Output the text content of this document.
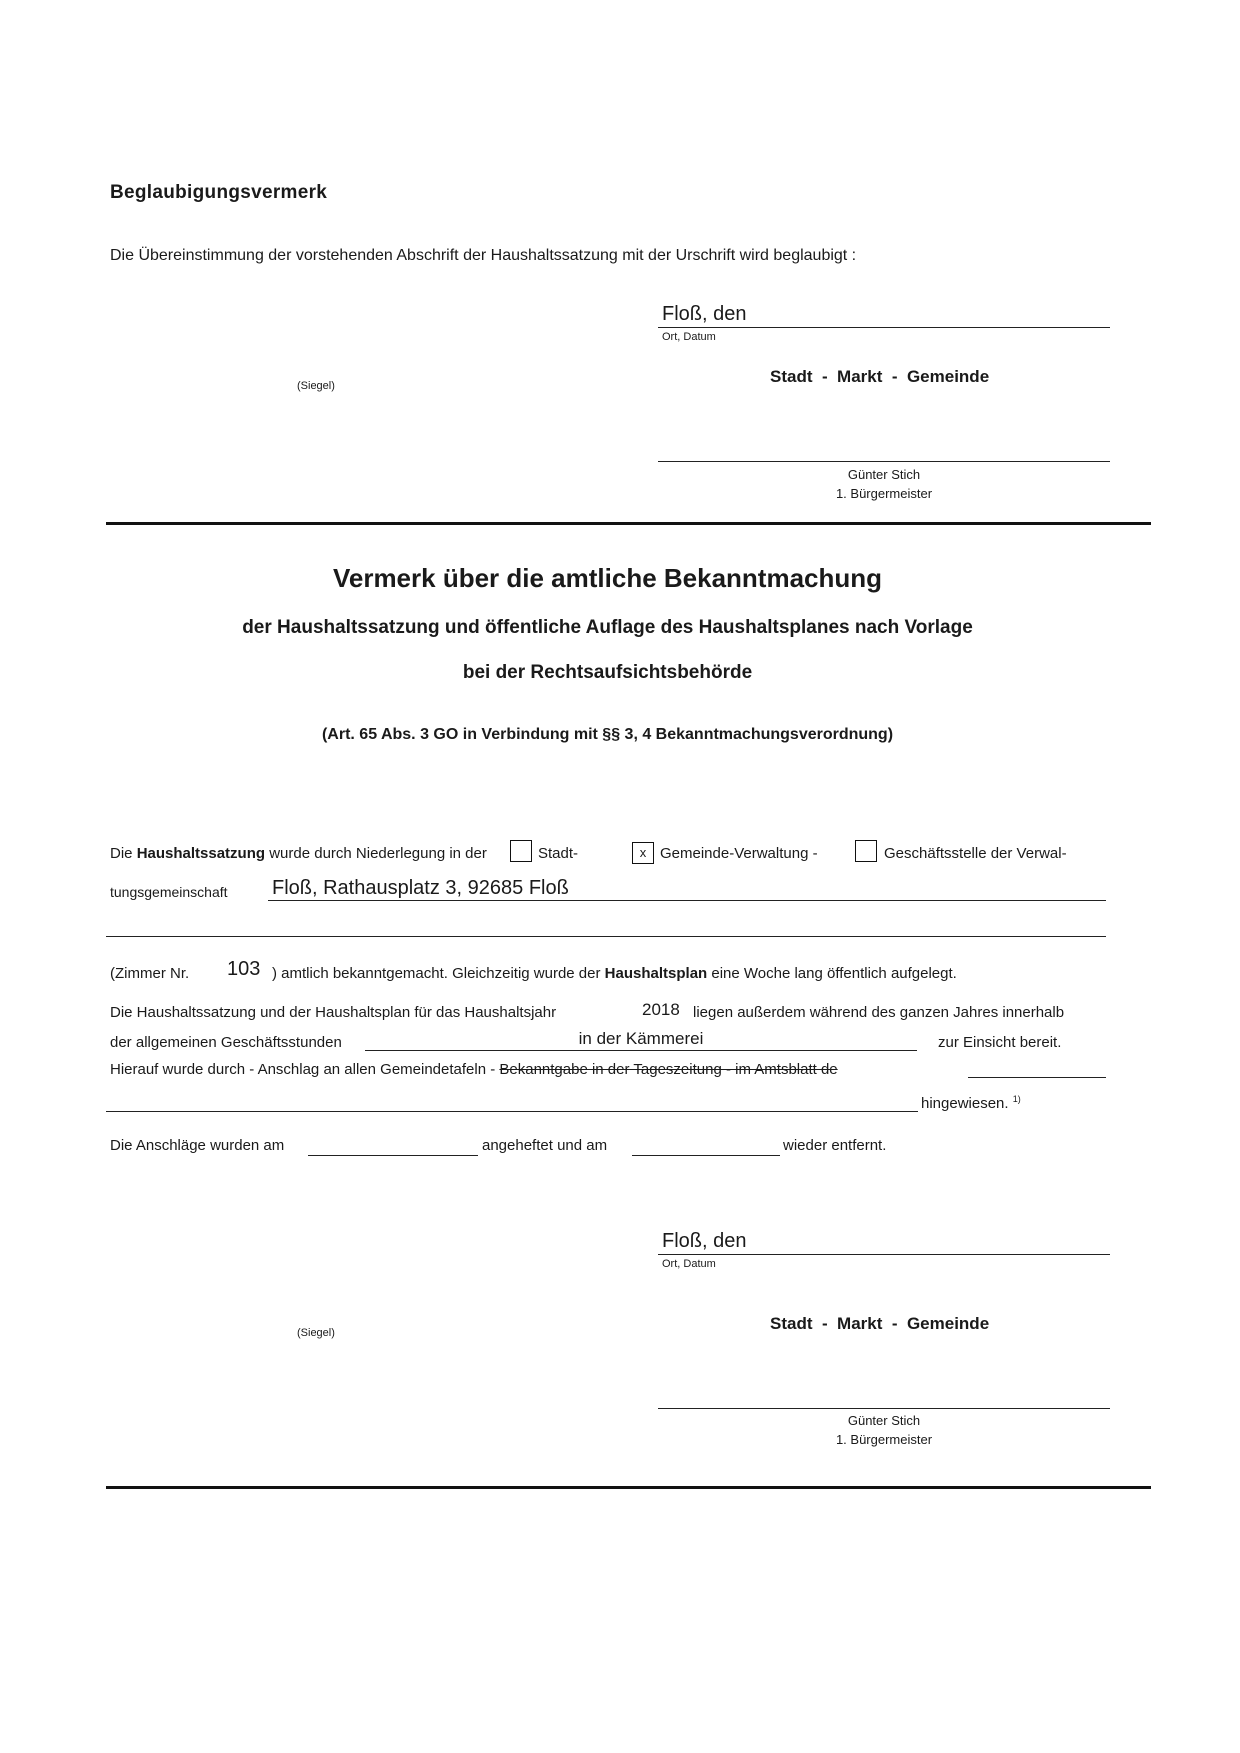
Beglaubigungsvermerk
Die Übereinstimmung der vorstehenden Abschrift der Haushaltssatzung mit der Urschrift wird beglaubigt :
Floß, den
Ort, Datum
(Siegel)	Stadt  -  Markt  -  Gemeinde
Günter Stich
1. Bürgermeister
Vermerk über die amtliche Bekanntmachung
der Haushaltssatzung und öffentliche Auflage des Haushaltsplanes nach Vorlage
bei der Rechtsaufsichtsbehörde
(Art. 65 Abs. 3 GO in Verbindung mit §§ 3, 4 Bekanntmachungsverordnung)
Die Haushaltssatzung wurde durch Niederlegung in der	Stadt-	x Gemeinde-Verwaltung -	Geschäftsstelle der Verwal-
tungsgemeinschaft Floß, Rathausplatz 3, 92685 Floß
(Zimmer Nr. 103 ) amtlich bekanntgemacht. Gleichzeitig wurde der Haushaltsplan eine Woche lang öffentlich aufgelegt.
Die Haushaltssatzung und der Haushaltsplan für das Haushaltsjahr	2018 liegen außerdem während des ganzen Jahres innerhalb
der allgemeinen Geschäftsstunden	in der Kämmerei	zur Einsicht bereit.
Hierauf wurde durch - Anschlag an allen Gemeindetafeln - Bekanntgabe in der Tageszeitung - im Amtsblatt de
hingewiesen. $^{1)}$
Die Anschläge wurden am	angeheftet und am	wieder entfernt.
Floß, den
Ort, Datum
(Siegel)	Stadt  -  Markt  -  Gemeinde
Günter Stich
1. Bürgermeister
